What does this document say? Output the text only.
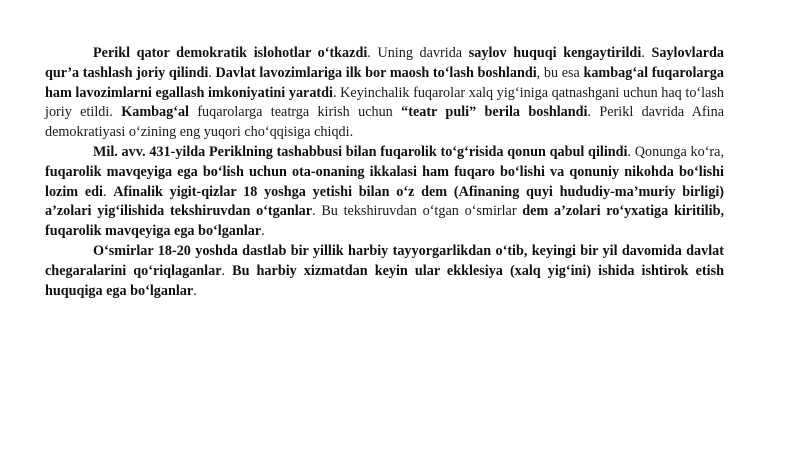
Perikl qator demokratik islohotlar o‘tkazdi. Uning davrida saylov huquqi kengaytirildi. Saylovlarda qur’a tashlash joriy qilindi. Davlat lavozimlariga ilk bor maosh to‘lash boshlandi, bu esa kambag‘al fuqarolarga ham lavozimlarni egallash imkoniyatini yaratdi. Keyinchalik fuqarolar xalq yig‘iniga qatnashgani uchun haq to‘lash joriy etildi. Kambag‘al fuqarolarga teatrga kirish uchun “teatr puli” berila boshlandi. Perikl davrida Afina demokratiyasi o‘zining eng yuqori cho‘qqisiga chiqdi.

Mil. avv. 431-yilda Periklning tashabbusi bilan fuqarolik to‘g‘risida qonun qabul qilindi. Qonunga ko‘ra, fuqarolik mavqeyiga ega bo‘lish uchun ota-onaning ikkalasi ham fuqaro bo‘lishi va qonuniy nikohda bo‘lishi lozim edi. Afinalik yigit-qizlar 18 yoshga yetishi bilan o‘z dem (Afinaning quyi hududiy-ma’muriy birligi) a’zolari yig‘ilishida tekshiruvdan o‘tganlar. Bu tekshiruvdan o‘tgan o‘smirlar dem a’zolari ro‘yxatiga kiritilib, fuqarolik mavqeyiga ega bo‘lganlar.

O‘smirlar 18-20 yoshda dastlab bir yillik harbiy tayyorgarlikdan o‘tib, keyingi bir yil davomida davlat chegaralarini qo‘riqlaganlar. Bu harbiy xizmatdan keyin ular ekklesiya (xalq yig‘ini) ishida ishtirok etish huquqiga ega bo‘lganlar.
